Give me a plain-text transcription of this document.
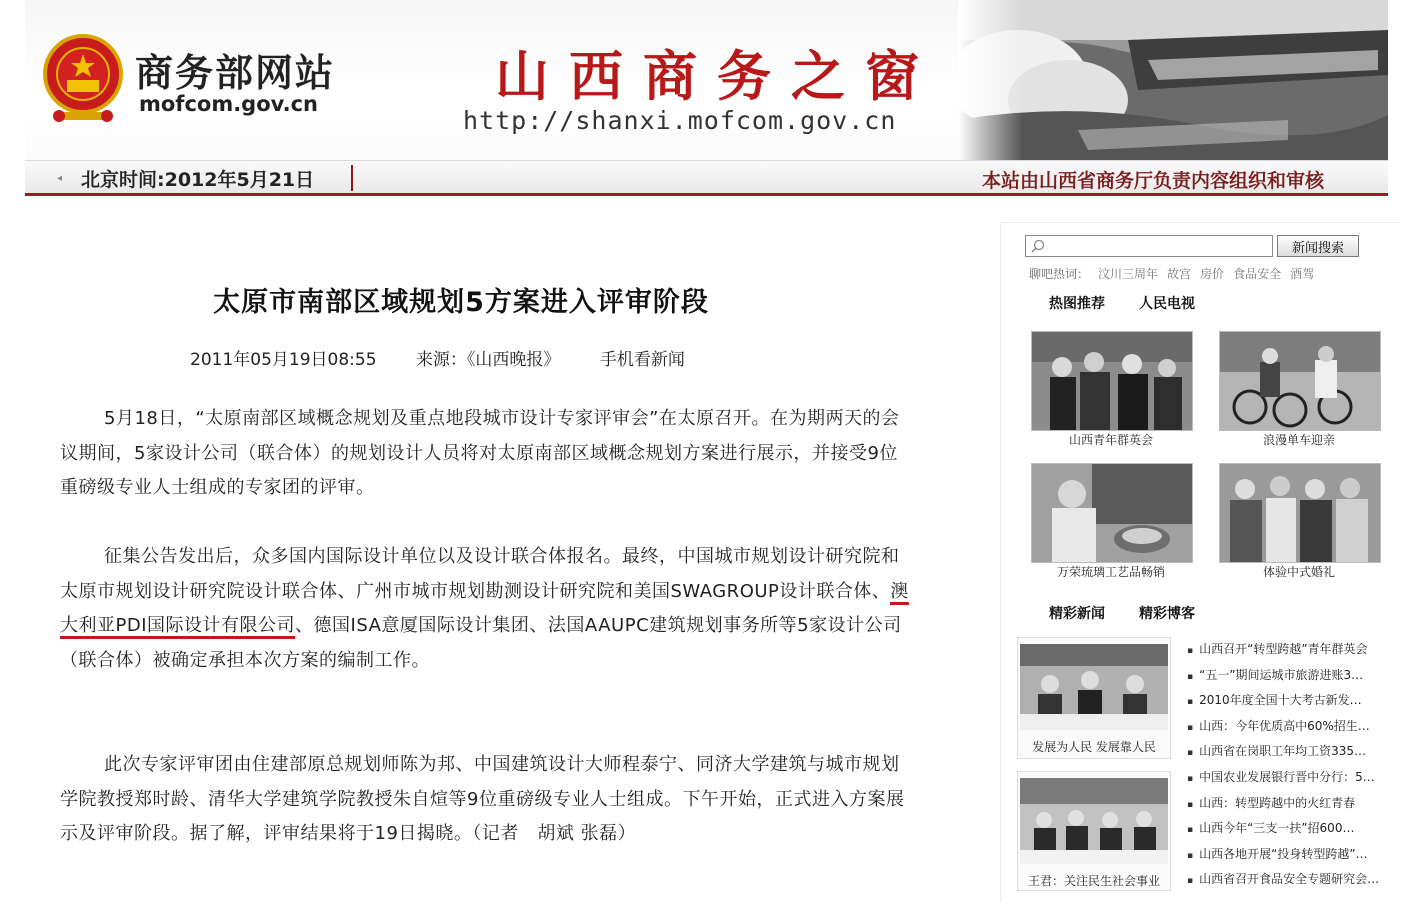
商务部网站
mofcom.gov.cn	山西商务之窗
http://shanxi.mofcom.gov.cn
◂ 北京时间:2012年5月21日	本站由山西省商务厅负责内容组织和审核
太原市南部区域规划5方案进入评审阶段
2011年05月19日08:55 来源：《山西晚报》 手机看新闻

5月18日，“太原南部区域概念规划及重点地段城市设计专家评审会”在太原召开。在为期两天的会议期间，5家设计公司（联合体）的规划设计人员将对太原南部区域概念规划方案进行展示，并接受9位重磅级专业人士组成的专家团的评审。

征集公告发出后，众多国内国际设计单位以及设计联合体报名。最终，中国城市规划设计研究院和太原市规划设计研究院设计联合体、广州市城市规划勘测设计研究院和美国SWAGROUP设计联合体、澳大利亚PDI国际设计有限公司、德国ISA意厦国际设计集团、法国AAUPC建筑规划事务所等5家设计公司（联合体）被确定承担本次方案的编制工作。

此次专家评审团由住建部原总规划师陈为邦、中国建筑设计大师程泰宁、同济大学建筑与城市规划学院教授郑时龄、清华大学建筑学院教授朱自煊等9位重磅级专业人士组成。下午开始，正式进入方案展示及评审阶段。据了解，评审结果将于19日揭晓。（记者　胡斌 张磊）

新闻搜索
聊吧热词： 汶川三周年 故宫 房价 食品安全 酒驾
热图推荐 人民电视
山西青年群英会	浪漫单车迎亲
万荣琉璃工艺品畅销	体验中式婚礼
精彩新闻 精彩博客
发展为人民 发展靠人民
王君：关注民生社会事业
▪ 山西召开“转型跨越”青年群英会
▪ “五一”期间运城市旅游进账3…
▪ 2010年度全国十大考古新发…
▪ 山西：今年优质高中60%招生…
▪ 山西省在岗职工年均工资335…
▪ 中国农业发展银行晋中分行：5…
▪ 山西：转型跨越中的火红青春
▪ 山西今年“三支一扶”招600…
▪ 山西各地开展“投身转型跨越”…
▪ 山西省召开食品安全专题研究会…
